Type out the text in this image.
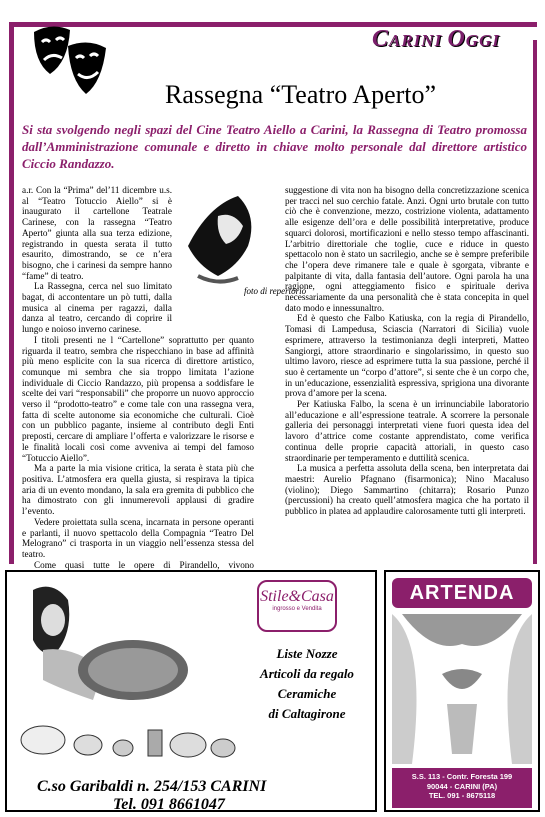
CARINI OGGI
Rassegna “Teatro Aperto”
Si sta svolgendo negli spazi del Cine Teatro Aiello a Carini, la Rassegna di Teatro promossa dall’Amministrazione comunale e diretto in chiave molto personale dal direttore artistico Ciccio Randazzo.
foto di repertorio

a.r. Con la “Prima” del’11 dicembre u.s. al “Teatro Totuccio Aiello” si è inaugurato il cartellone Teatrale Carinese, con la rassegna “Teatro Aperto” giunta alla sua terza edizione, registrando in questa serata il tutto esaurito, dimostrando, se ce n’era bisogno, che i carinesi da sempre hanno “fame” di teatro.

La Rassegna, cerca nel suo limitato bagat, di accontentare un pò tutti, dalla musica al cinema per ragazzi, dalla danza al teatro, cercando di coprire il lungo e noioso inverno carinese.

I titoli presenti ne l “Cartellone” soprattutto per quanto riguarda il teatro, sembra che rispecchiano in base ad affinità più meno esplicite con la sua ricerca di direttore artistico, comunque mi sembra che sia troppo limitata l’azione individuale di Ciccio Randazzo, più propensa a soddisfare le scelte dei vari “responsabili” che proporre un nuovo approccio verso il “prodotto-teatro” e come tale con una rassegna vera, fatta di scelte autonome sia economiche che culturali. Cioè con un pubblico pagante, insieme al contributo degli Enti preposti, cercare di ampliare l’offerta e valorizzare le risorse e le finalità locali così come avveniva ai tempi del famoso “Totuccio Aiello”.

Ma a parte la mia visione critica, la serata è stata più che positiva. L’atmosfera era quella giusta, si respirava la tipica aria di un evento mondano, la sala era gremita di pubblico che ha dimostrato con gli innumerevoli applausi di gradire l’evento.

Vedere proiettata sulla scena, incarnata in persone operanti e parlanti, il nuovo spettacolo della Compagnia “Teatro Del Melograno” ci trasporta in un viaggio nell’essenza stessa del teatro.

Come quasi tutte le opere di Pirandello, vivono

suggestione di vita non ha bisogno della concretizzazione scenica per tracci nel suo cerchio fatale. Anzi. Ogni urto brutale con tutto ciò che è convenzione, mezzo, costrizione violenta, adattamento alle esigenze dell’ora e delle possibilità interpretative, produce squarci dolorosi, mortificazioni e nello stesso tempo affascinanti. L’arbitrio direttoriale che toglie, cuce e riduce in questo spettacolo non è stato un sacrilegio, anche se è sempre preferibile che l’opera deve rimanere tale e quale è sgorgata, vibrante e palpitante di vita, dalla fantasia dell’autore. Ogni parola ha una ragione, ogni atteggiamento fisico e spirituale deriva necessariamente da una personalità che è stata concepita in quel dato modo e innessunaltro.

Ed è questo che Falbo Katiuska, con la regia di Pirandello, Tomasi di Lampedusa, Sciascia (Narratori di Sicilia) vuole esprimere, attraverso la testimonianza degli interpreti, Matteo Sangiorgi, attore straordinario e singolarissimo, in questo suo ultimo lavoro, riesce ad esprimere tutta la sua passione, perché il suo è certamente un “corpo d’attore”, si sente che è un corpo che, in un’educazione, essenzialità espressiva, sprigiona una divorante prova d’amore per la scena.

Per Katiuska Falbo, la scena è un irrinunciabile laboratorio all’educazione e all’espressione teatrale. A scorrere la personale galleria dei personaggi interpretati viene fuori questa idea del lavoro d’attrice come costante apprendistato, come verifica continua delle proprie capacità attoriali, in questo caso straordinarie per temperamento e duttilità scenica.

La musica a perfetta assoluta della scena, ben interpretata dai maestri: Aurelio Pfagnano (fisarmonica); Nino Macaluso (violino); Diego Sammartino (chitarra); Rosario Punzo (percussioni) ha creato quell’atmosfera magica che ha portato il pubblico in platea ad applaudire calorosamente tutti gli interpreti.

Stile&Casa
ingrosso e Vendita
Liste Nozze
Articoli da regalo
Ceramiche
di Caltagirone
C.so Garibaldi n. 254/153 CARINI
Tel. 091 8661047
ARTENDA
S.S. 113 - Contr. Foresta 199
90044 - CARINI (PA)
TEL. 091 - 8675118
